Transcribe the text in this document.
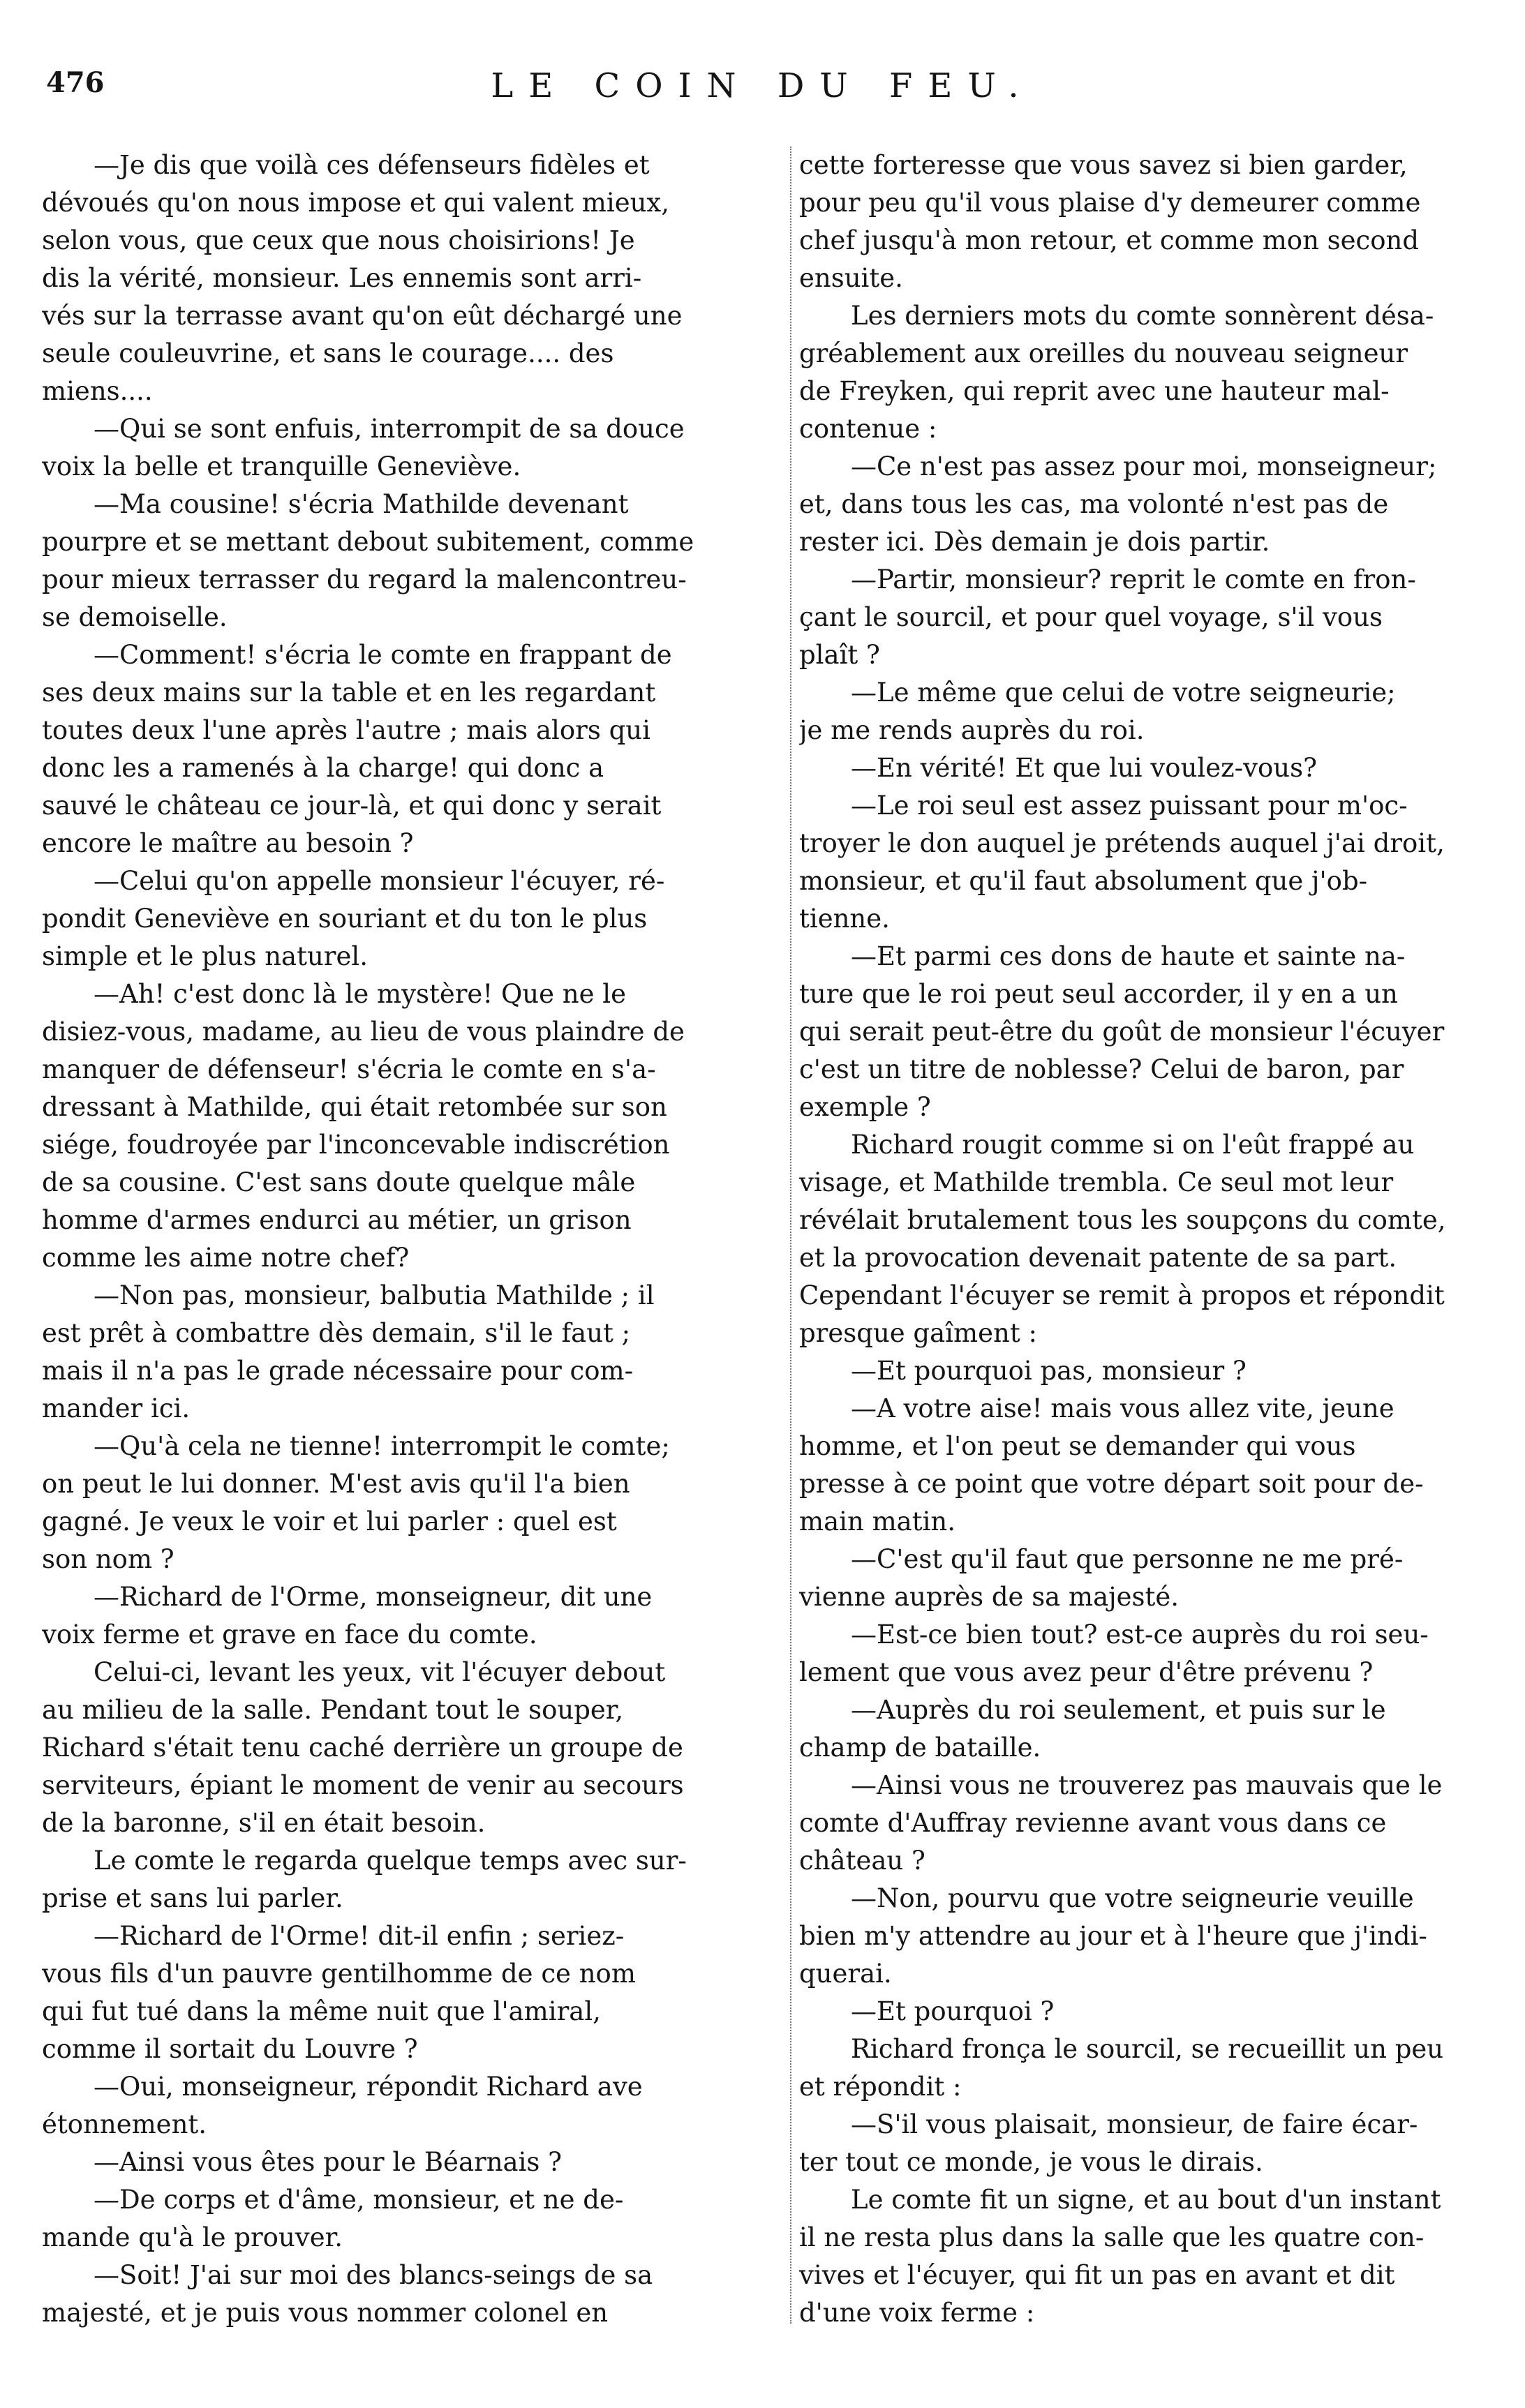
476	LE COIN DU FEU.
—Je dis que voilà ces défenseurs fidèles et
dévoués qu'on nous impose et qui valent mieux,
selon vous, que ceux que nous choisirions! Je
dis la vérité, monsieur. Les ennemis sont arri-
vés sur la terrasse avant qu'on eût déchargé une
seule couleuvrine, et sans le courage.... des
miens....
—Qui se sont enfuis, interrompit de sa douce
voix la belle et tranquille Geneviève.
—Ma cousine! s'écria Mathilde devenant
pourpre et se mettant debout subitement, comme
pour mieux terrasser du regard la malencontreu-
se demoiselle.
—Comment! s'écria le comte en frappant de
ses deux mains sur la table et en les regardant
toutes deux l'une après l'autre ; mais alors qui
donc les a ramenés à la charge! qui donc a
sauvé le château ce jour-là, et qui donc y serait
encore le maître au besoin ?
—Celui qu'on appelle monsieur l'écuyer, ré-
pondit Geneviève en souriant et du ton le plus
simple et le plus naturel.
—Ah! c'est donc là le mystère! Que ne le
disiez-vous, madame, au lieu de vous plaindre de
manquer de défenseur! s'écria le comte en s'a-
dressant à Mathilde, qui était retombée sur son
siége, foudroyée par l'inconcevable indiscrétion
de sa cousine. C'est sans doute quelque mâle
homme d'armes endurci au métier, un grison
comme les aime notre chef?
—Non pas, monsieur, balbutia Mathilde ; il
est prêt à combattre dès demain, s'il le faut ;
mais il n'a pas le grade nécessaire pour com-
mander ici.
—Qu'à cela ne tienne! interrompit le comte;
on peut le lui donner. M'est avis qu'il l'a bien
gagné. Je veux le voir et lui parler : quel est
son nom ?
—Richard de l'Orme, monseigneur, dit une
voix ferme et grave en face du comte.
Celui-ci, levant les yeux, vit l'écuyer debout
au milieu de la salle. Pendant tout le souper,
Richard s'était tenu caché derrière un groupe de
serviteurs, épiant le moment de venir au secours
de la baronne, s'il en était besoin.
Le comte le regarda quelque temps avec sur-
prise et sans lui parler.
—Richard de l'Orme! dit-il enfin ; seriez-
vous fils d'un pauvre gentilhomme de ce nom
qui fut tué dans la même nuit que l'amiral,
comme il sortait du Louvre ?
—Oui, monseigneur, répondit Richard ave
étonnement.
—Ainsi vous êtes pour le Béarnais ?
—De corps et d'âme, monsieur, et ne de-
mande qu'à le prouver.
—Soit! J'ai sur moi des blancs-seings de sa
majesté, et je puis vous nommer colonel en
cette forteresse que vous savez si bien garder,
pour peu qu'il vous plaise d'y demeurer comme
chef jusqu'à mon retour, et comme mon second
ensuite.
Les derniers mots du comte sonnèrent désa-
gréablement aux oreilles du nouveau seigneur
de Freyken, qui reprit avec une hauteur mal-
contenue :
—Ce n'est pas assez pour moi, monseigneur;
et, dans tous les cas, ma volonté n'est pas de
rester ici. Dès demain je dois partir.
—Partir, monsieur? reprit le comte en fron-
çant le sourcil, et pour quel voyage, s'il vous
plaît ?
—Le même que celui de votre seigneurie;
je me rends auprès du roi.
—En vérité! Et que lui voulez-vous?
—Le roi seul est assez puissant pour m'oc-
troyer le don auquel je prétends auquel j'ai droit,
monsieur, et qu'il faut absolument que j'ob-
tienne.
—Et parmi ces dons de haute et sainte na-
ture que le roi peut seul accorder, il y en a un
qui serait peut-être du goût de monsieur l'écuyer
c'est un titre de noblesse? Celui de baron, par
exemple ?
Richard rougit comme si on l'eût frappé au
visage, et Mathilde trembla. Ce seul mot leur
révélait brutalement tous les soupçons du comte,
et la provocation devenait patente de sa part.
Cependant l'écuyer se remit à propos et répondit
presque gaîment :
—Et pourquoi pas, monsieur ?
—A votre aise! mais vous allez vite, jeune
homme, et l'on peut se demander qui vous
presse à ce point que votre départ soit pour de-
main matin.
—C'est qu'il faut que personne ne me pré-
vienne auprès de sa majesté.
—Est-ce bien tout? est-ce auprès du roi seu-
lement que vous avez peur d'être prévenu ?
—Auprès du roi seulement, et puis sur le
champ de bataille.
—Ainsi vous ne trouverez pas mauvais que le
comte d'Auffray revienne avant vous dans ce
château ?
—Non, pourvu que votre seigneurie veuille
bien m'y attendre au jour et à l'heure que j'indi-
querai.
—Et pourquoi ?
Richard fronça le sourcil, se recueillit un peu
et répondit :
—S'il vous plaisait, monsieur, de faire écar-
ter tout ce monde, je vous le dirais.
Le comte fit un signe, et au bout d'un instant
il ne resta plus dans la salle que les quatre con-
vives et l'écuyer, qui fit un pas en avant et dit
d'une voix ferme :
